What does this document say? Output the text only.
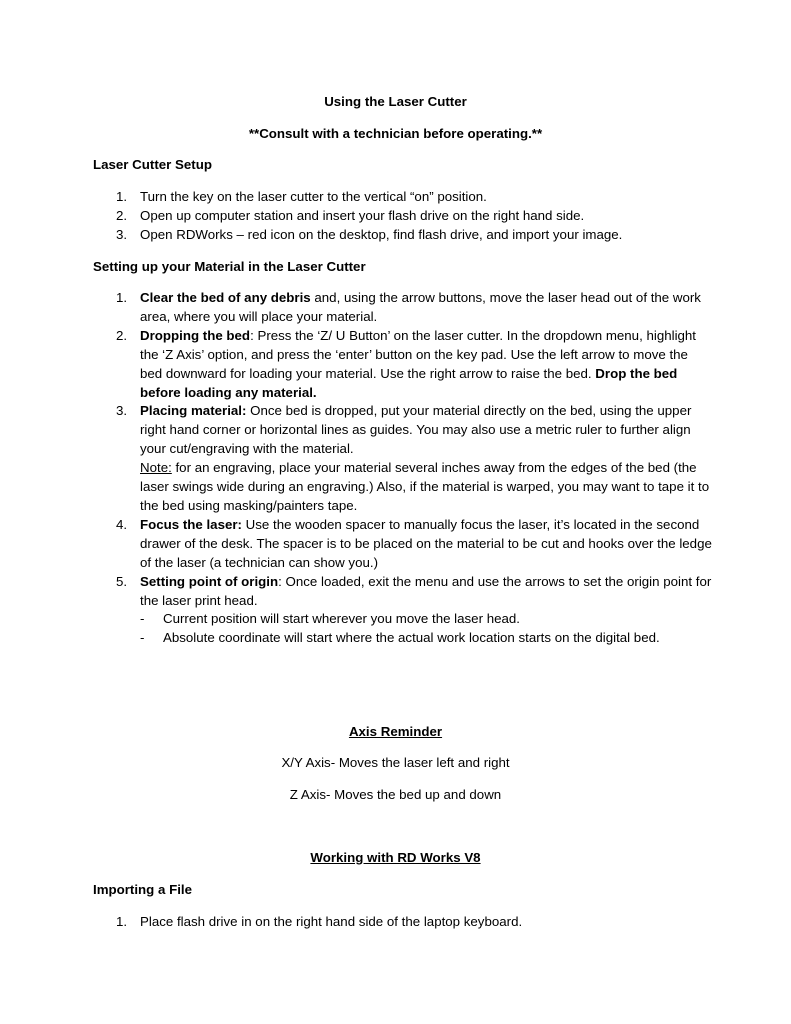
Using the Laser Cutter
**Consult with a technician before operating.**
Laser Cutter Setup
1. Turn the key on the laser cutter to the vertical “on” position.
2. Open up computer station and insert your flash drive on the right hand side.
3. Open RDWorks – red icon on the desktop, find flash drive, and import your image.
Setting up your Material in the Laser Cutter
1. Clear the bed of any debris and, using the arrow buttons, move the laser head out of the work area, where you will place your material.
2. Dropping the bed: Press the ‘Z/ U Button’ on the laser cutter. In the dropdown menu, highlight the ‘Z Axis’ option, and press the ‘enter’ button on the key pad. Use the left arrow to move the bed downward for loading your material. Use the right arrow to raise the bed. Drop the bed before loading any material.
3. Placing material: Once bed is dropped, put your material directly on the bed, using the upper right hand corner or horizontal lines as guides. You may also use a metric ruler to further align your cut/engraving with the material.
Note: for an engraving, place your material several inches away from the edges of the bed (the laser swings wide during an engraving.) Also, if the material is warped, you may want to tape it to the bed using masking/painters tape.
4. Focus the laser: Use the wooden spacer to manually focus the laser, it’s located in the second drawer of the desk. The spacer is to be placed on the material to be cut and hooks over the ledge of the laser (a technician can show you.)
5. Setting point of origin: Once loaded, exit the menu and use the arrows to set the origin point for the laser print head.
- Current position will start wherever you move the laser head.
- Absolute coordinate will start where the actual work location starts on the digital bed.
Axis Reminder
X/Y Axis- Moves the laser left and right
Z Axis- Moves the bed up and down
Working with RD Works V8
Importing a File
1. Place flash drive in on the right hand side of the laptop keyboard.
